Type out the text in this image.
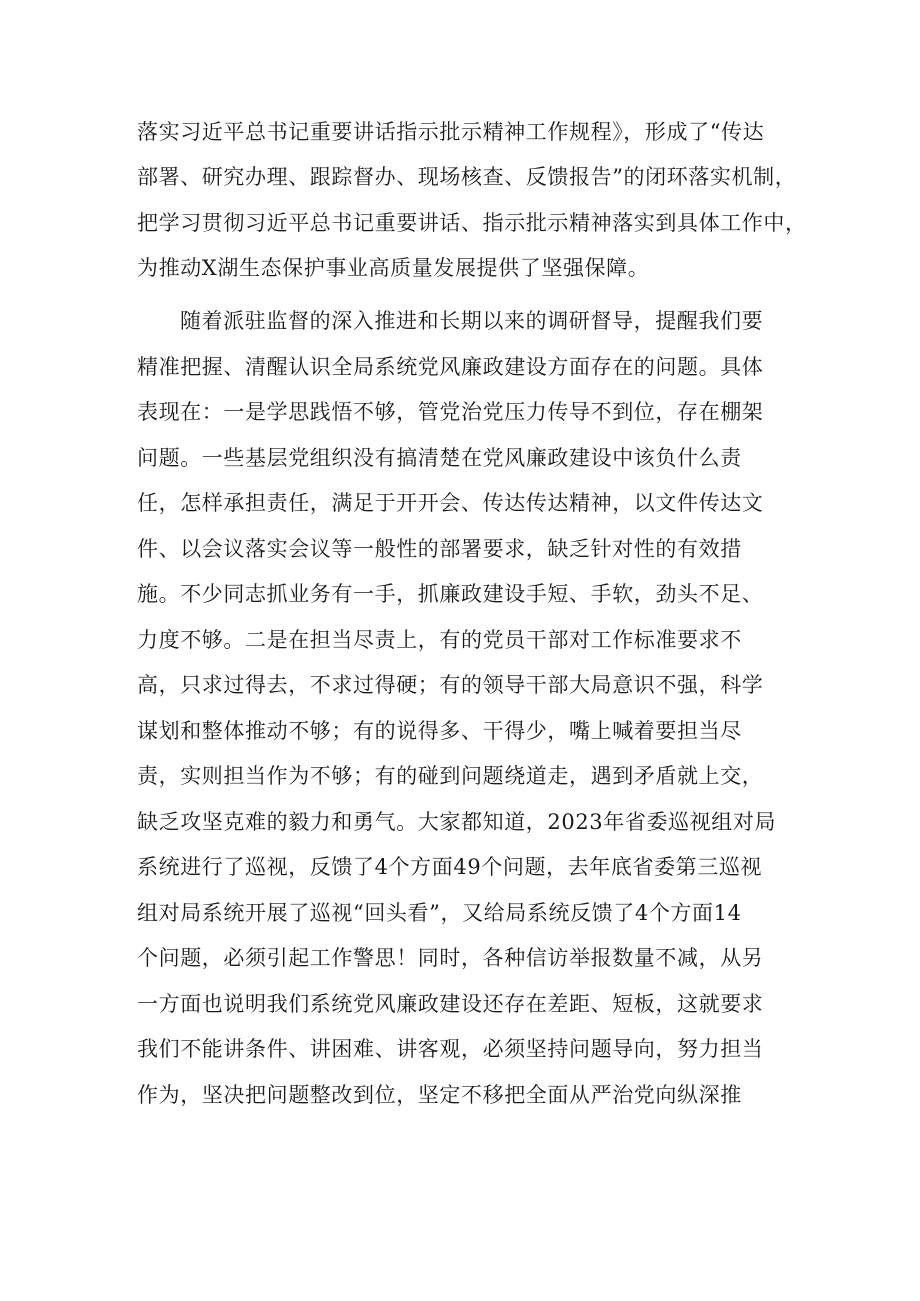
落实习近平总书记重要讲话指示批示精神工作规程》，形成了“传达
部署、研究办理、跟踪督办、现场核查、反馈报告”的闭环落实机制，
把学习贯彻习近平总书记重要讲话、指示批示精神落实到具体工作中，
为推动X湖生态保护事业高质量发展提供了坚强保障。
随着派驻监督的深入推进和长期以来的调研督导，提醒我们要
精准把握、清醒认识全局系统党风廉政建设方面存在的问题。具体
表现在：一是学思践悟不够，管党治党压力传导不到位，存在棚架
问题。一些基层党组织没有搞清楚在党风廉政建设中该负什么责
任，怎样承担责任，满足于开开会、传达传达精神，以文件传达文
件、以会议落实会议等一般性的部署要求，缺乏针对性的有效措
施。不少同志抓业务有一手，抓廉政建设手短、手软，劲头不足、
力度不够。二是在担当尽责上，有的党员干部对工作标准要求不
高，只求过得去，不求过得硬；有的领导干部大局意识不强，科学
谋划和整体推动不够；有的说得多、干得少，嘴上喊着要担当尽
责，实则担当作为不够；有的碰到问题绕道走，遇到矛盾就上交，
缺乏攻坚克难的毅力和勇气。大家都知道，2023年省委巡视组对局
系统进行了巡视，反馈了4个方面49个问题，去年底省委第三巡视
组对局系统开展了巡视“回头看”，又给局系统反馈了4个方面14
个问题，必须引起工作警思！同时，各种信访举报数量不减，从另
一方面也说明我们系统党风廉政建设还存在差距、短板，这就要求
我们不能讲条件、讲困难、讲客观，必须坚持问题导向，努力担当
作为，坚决把问题整改到位，坚定不移把全面从严治党向纵深推
